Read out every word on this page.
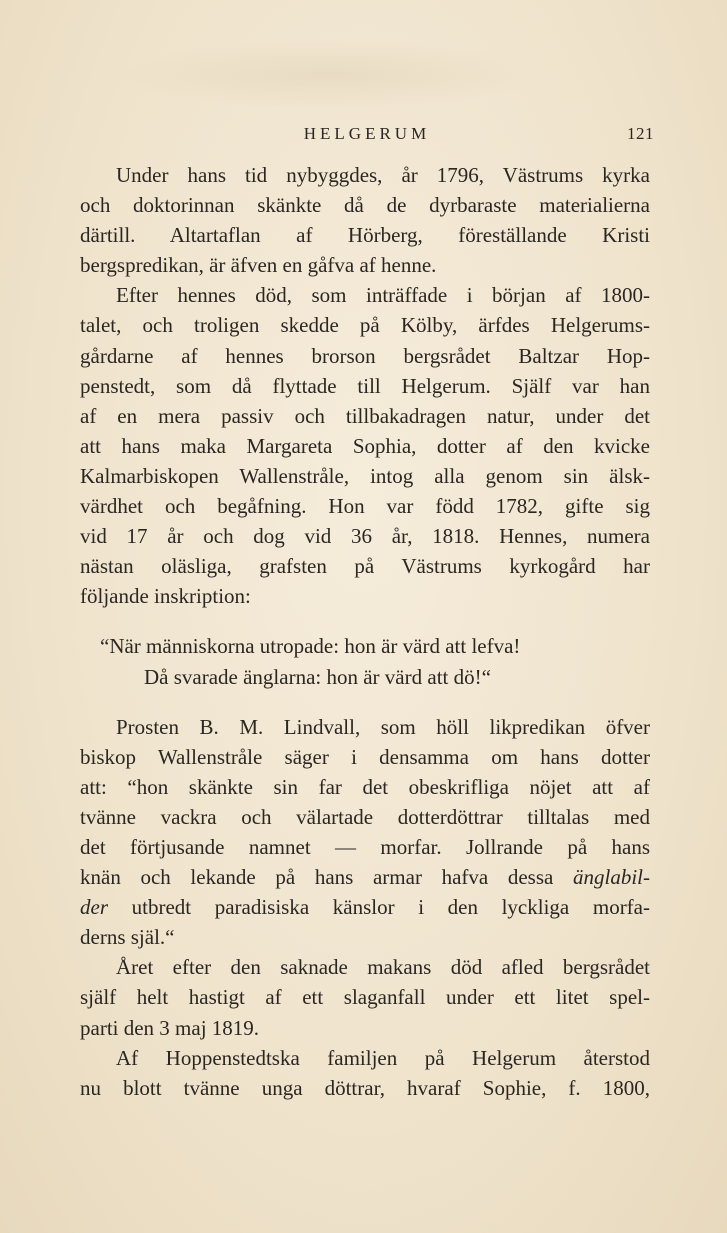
HELGERUM	121
Under hans tid nybyggdes, år 1796, Västrums kyrka
och doktorinnan skänkte då de dyrbaraste materialierna
därtill. Altartaflan af Hörberg, föreställande Kristi
bergspredikan, är äfven en gåfva af henne.
Efter hennes död, som inträffade i början af 1800-
talet, och troligen skedde på Kölby, ärfdes Helgerums-
gårdarne af hennes brorson bergsrådet Baltzar Hop-
penstedt, som då flyttade till Helgerum. Själf var han
af en mera passiv och tillbakadragen natur, under det
att hans maka Margareta Sophia, dotter af den kvicke
Kalmarbiskopen Wallenstråle, intog alla genom sin älsk-
värdhet och begåfning. Hon var född 1782, gifte sig
vid 17 år och dog vid 36 år, 1818. Hennes, numera
nästan oläsliga, grafsten på Västrums kyrkogård har
följande inskription:
“När människorna utropade: hon är värd att lefva!
Då svarade änglarna: hon är värd att dö!“
Prosten B. M. Lindvall, som höll likpredikan öfver
biskop Wallenstråle säger i densamma om hans dotter
att: “hon skänkte sin far det obeskrifliga nöjet att af
tvänne vackra och välartade dotterdöttrar tilltalas med
det förtjusande namnet — morfar. Jollrande på hans
knän och lekande på hans armar hafva dessa änglabil-
der utbredt paradisiska känslor i den lyckliga morfa-
derns själ.“
Året efter den saknade makans död afled bergsrådet
själf helt hastigt af ett slaganfall under ett litet spel-
parti den 3 maj 1819.
Af Hoppenstedtska familjen på Helgerum återstod
nu blott tvänne unga döttrar, hvaraf Sophie, f. 1800,
